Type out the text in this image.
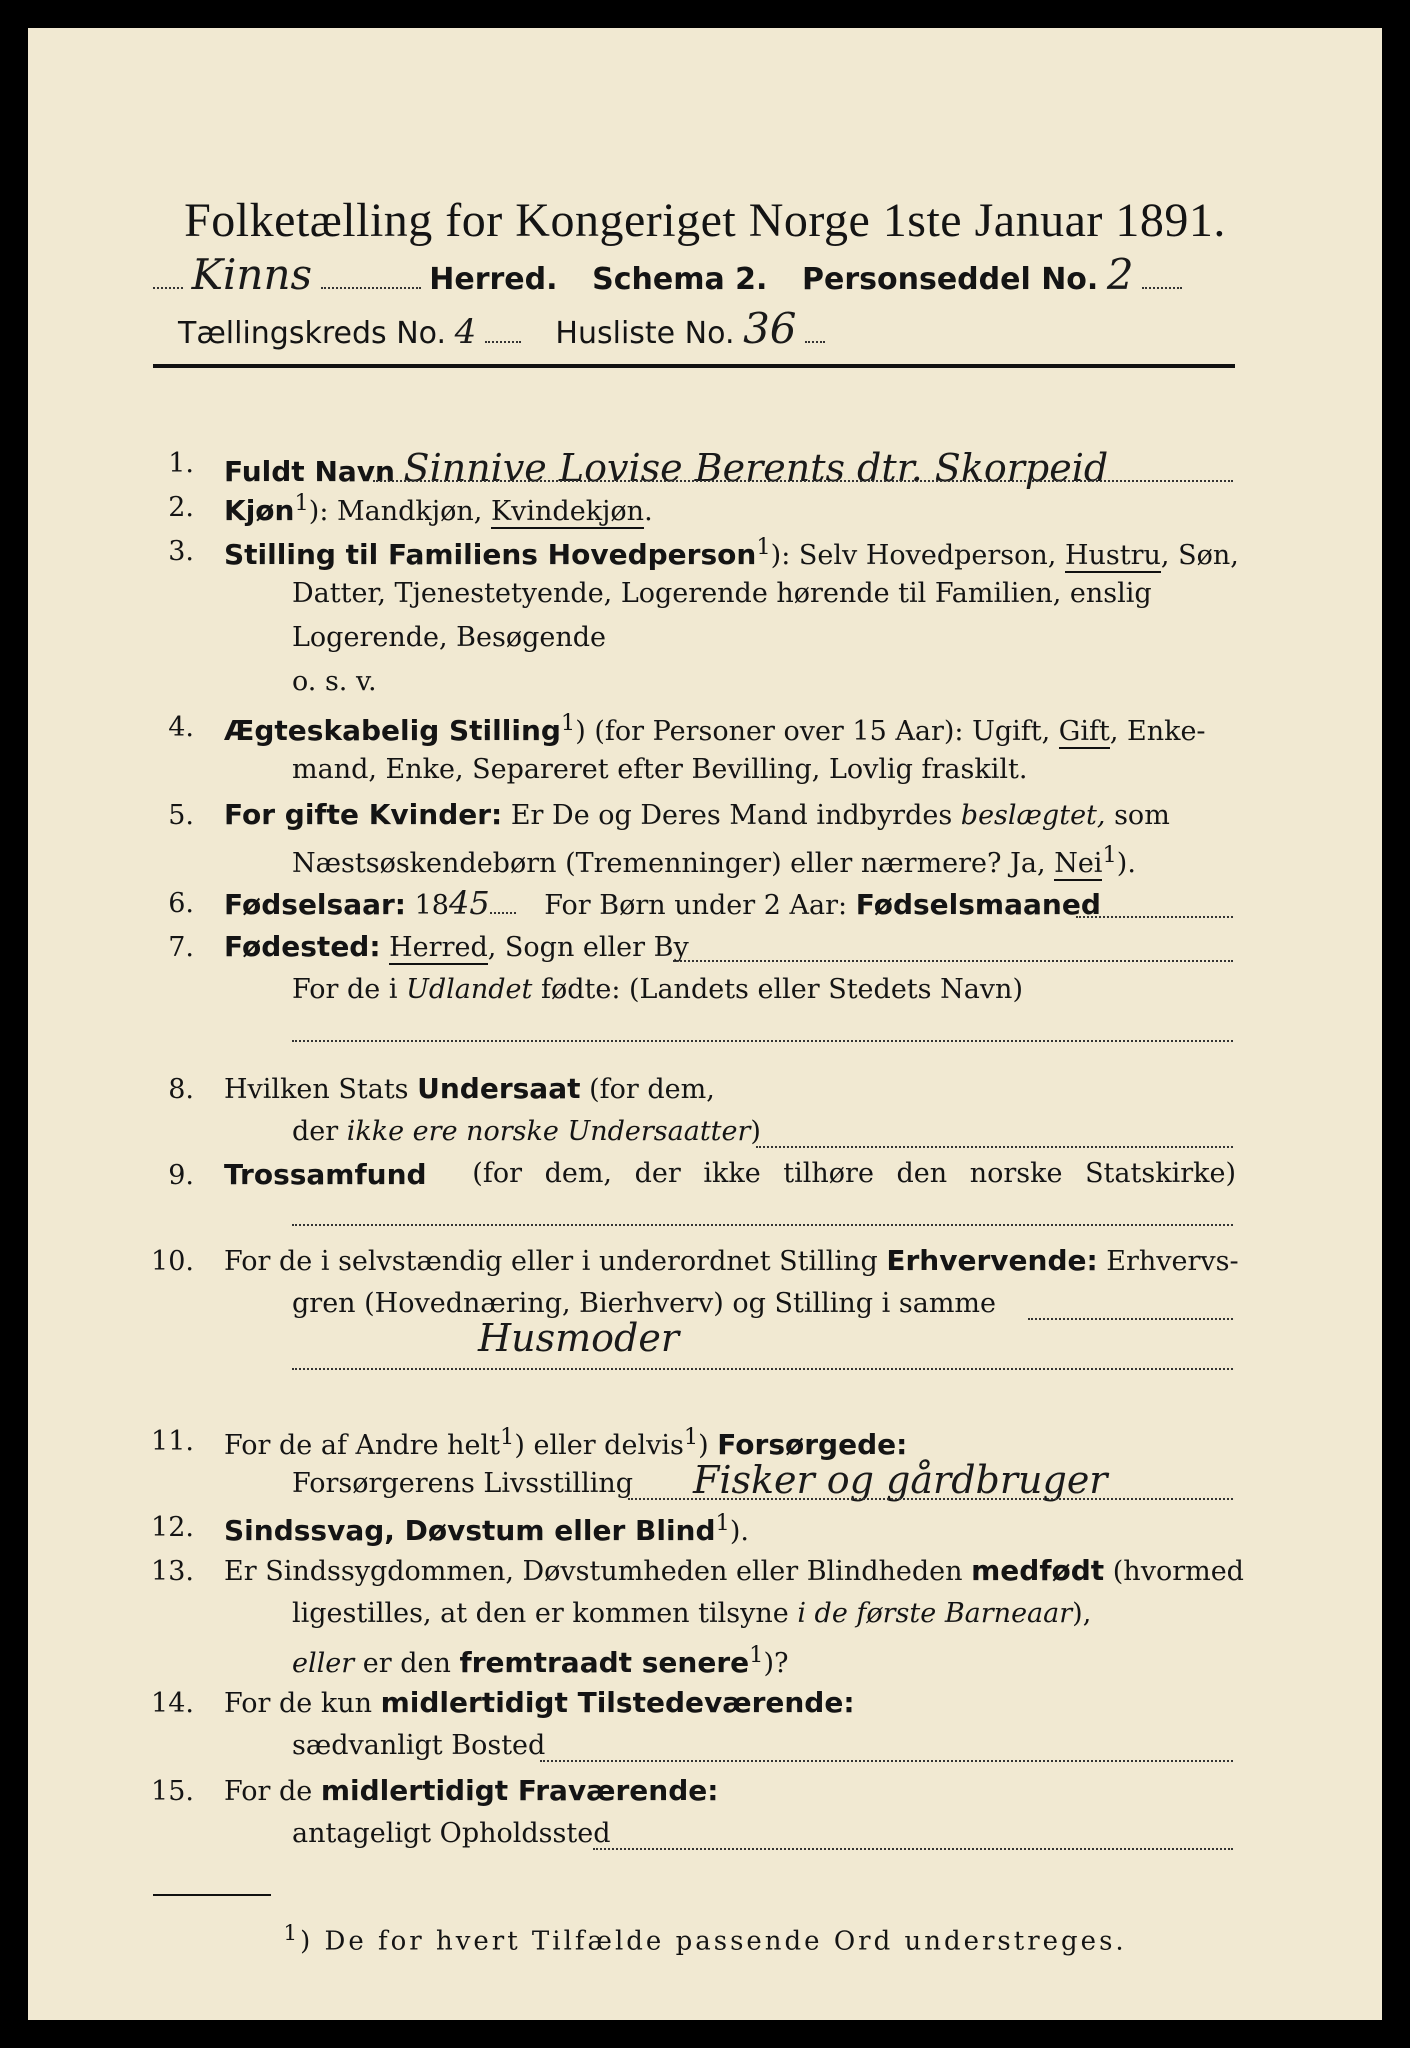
Folketælling for Kongeriget Norge 1ste Januar 1891.
Kinns	Herred. Schema 2. Personseddel No. 2
Tællingskreds No. 4	Husliste No. 36
1. Fuldt Navn Sinnive Lovise Berents dtr. Skorpeid
2. Kjøn$^1$): Mandkjøn, Kvindekjøn.
3. Stilling til Familiens Hovedperson$^1$): Selv Hovedperson, Hustru, Søn,
Datter, Tjenestetyende, Logerende hørende til Familien, enslig
Logerende, Besøgende
o. s. v.
4. Ægteskabelig Stilling$^1$) (for Personer over 15 Aar): Ugift, Gift, Enke-
mand, Enke, Separeret efter Bevilling, Lovlig fraskilt.
5. For gifte Kvinder: Er De og Deres Mand indbyrdes beslægtet, som
Næstsøskendebørn (Tremenninger) eller nærmere? Ja, Nei$^1$).
6. Fødselsaar: 1845 For Børn under 2 Aar: Fødselsmaaned
7. Fødested: Herred, Sogn eller By
For de i Udlandet fødte: (Landets eller Stedets Navn)
8. Hvilken Stats Undersaat (for dem,
der ikke ere norske Undersaatter)
9. Trossamfund (for dem, der ikke tilhøre den norske Statskirke)
10. For de i selvstændig eller i underordnet Stilling Erhvervende: Erhvervs-
gren (Hovednæring, Bierhverv) og Stilling i samme
Husmoder
11. For de af Andre helt$^1$) eller delvis$^1$) Forsørgede:
Forsørgerens Livsstilling Fisker og gårdbruger
12. Sindssvag, Døvstum eller Blind$^1$).
13. Er Sindssygdommen, Døvstumheden eller Blindheden medfødt (hvormed
ligestilles, at den er kommen tilsyne i de første Barneaar),
eller er den fremtraadt senere$^1$)?
14. For de kun midlertidigt Tilstedeværende:
sædvanligt Bosted
15. For de midlertidigt Fraværende:
antageligt Opholdssted
$^1$) De for hvert Tilfælde passende Ord understreges.
